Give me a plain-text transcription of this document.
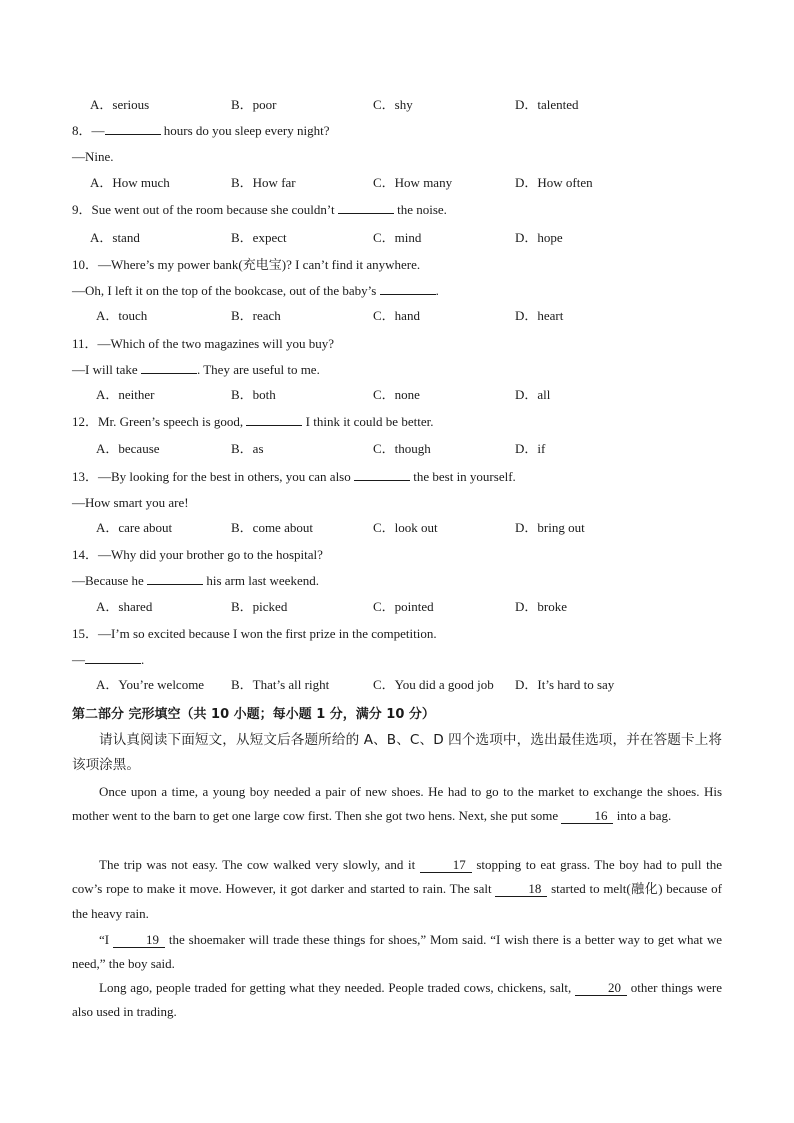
A．serious	B．poor	C．shy	D．talented
8．—	hours do you sleep every night?
—Nine.
A．How much	B．How far	C．How many	D．How often
9．Sue went out of the room because she couldn’t	the noise.
A．stand	B．expect	C．mind	D．hope
10．—Where’s my power bank(充电宝)? I can’t find it anywhere.
—Oh, I left it on the top of the bookcase, out of the baby’s	.
A．touch	B．reach	C．hand	D．heart
11．—Which of the two magazines will you buy?
—I will take	. They are useful to me.
A．neither	B．both	C．none	D．all
12．Mr. Green’s speech is good,	I think it could be better.
A．because	B．as	C．though	D．if
13．—By looking for the best in others, you can also	the best in yourself.
—How smart you are!
A．care about	B．come about	C．look out	D．bring out
14．—Why did your brother go to the hospital?
—Because he	his arm last weekend.
A．shared	B．picked	C．pointed	D．broke
15．—I’m so excited because I won the first prize in the competition.
—	.
A．You’re welcome B．That’s all right	C．You did a good job D．It’s hard to say
第二部分 完形填空（共 10 小题；每小题 1 分，满分 10 分）
请认真阅读下面短文，从短文后各题所给的 A、B、C、D 四个选项中，选出最佳选项，并在答题卡上将该项涂黑。
Once upon a time, a young boy needed a pair of new shoes. He had to go to the market to exchange the shoes. His mother went to the barn to get one large cow first. Then she got two hens. Next, she put some	16 into a bag.
The trip was not easy. The cow walked very slowly, and it	17 stopping to eat grass. The boy had to pull the cow’s rope to make it move. However, it got darker and started to rain. The salt	18 started to melt(融化) because of the heavy rain.
“I	19 the shoemaker will trade these things for shoes,” Mom said. “I wish there is a better way to get what we need,” the boy said.
Long ago, people traded for getting what they needed. People traded cows, chickens, salt,	20 other things were also used in trading.
